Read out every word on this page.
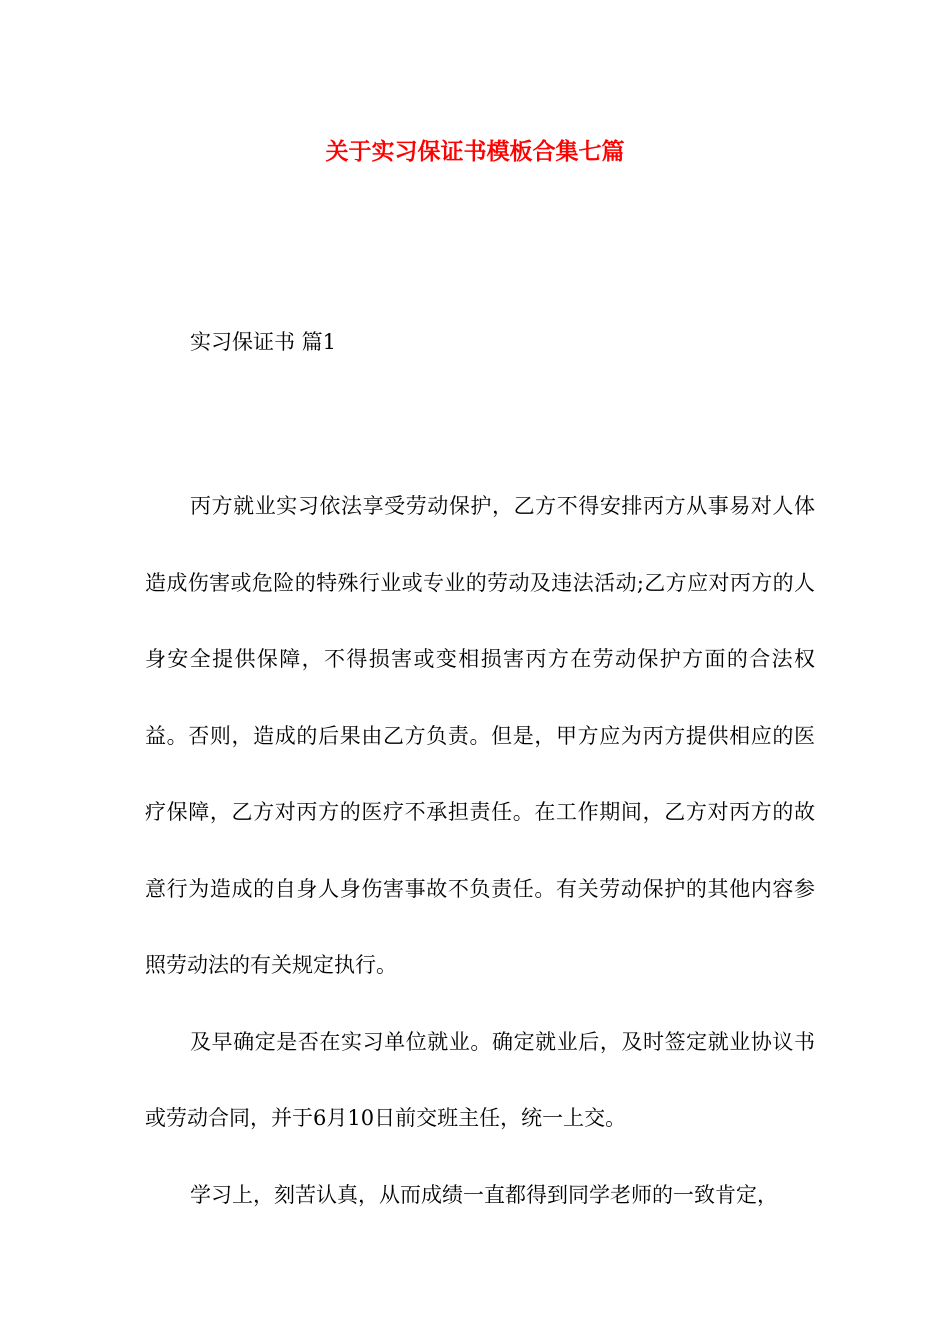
关于实习保证书模板合集七篇
实习保证书 篇1

丙方就业实习依法享受劳动保护，乙方不得安排丙方从事易对人体造成伤害或危险的特殊行业或专业的劳动及违法活动;乙方应对丙方的人身安全提供保障，不得损害或变相损害丙方在劳动保护方面的合法权益。否则，造成的后果由乙方负责。但是，甲方应为丙方提供相应的医疗保障，乙方对丙方的医疗不承担责任。在工作期间，乙方对丙方的故意行为造成的自身人身伤害事故不负责任。有关劳动保护的其他内容参照劳动法的有关规定执行。

及早确定是否在实习单位就业。确定就业后，及时签定就业协议书或劳动合同，并于6月10日前交班主任，统一上交。

学习上，刻苦认真，从而成绩一直都得到同学老师的一致肯定，
